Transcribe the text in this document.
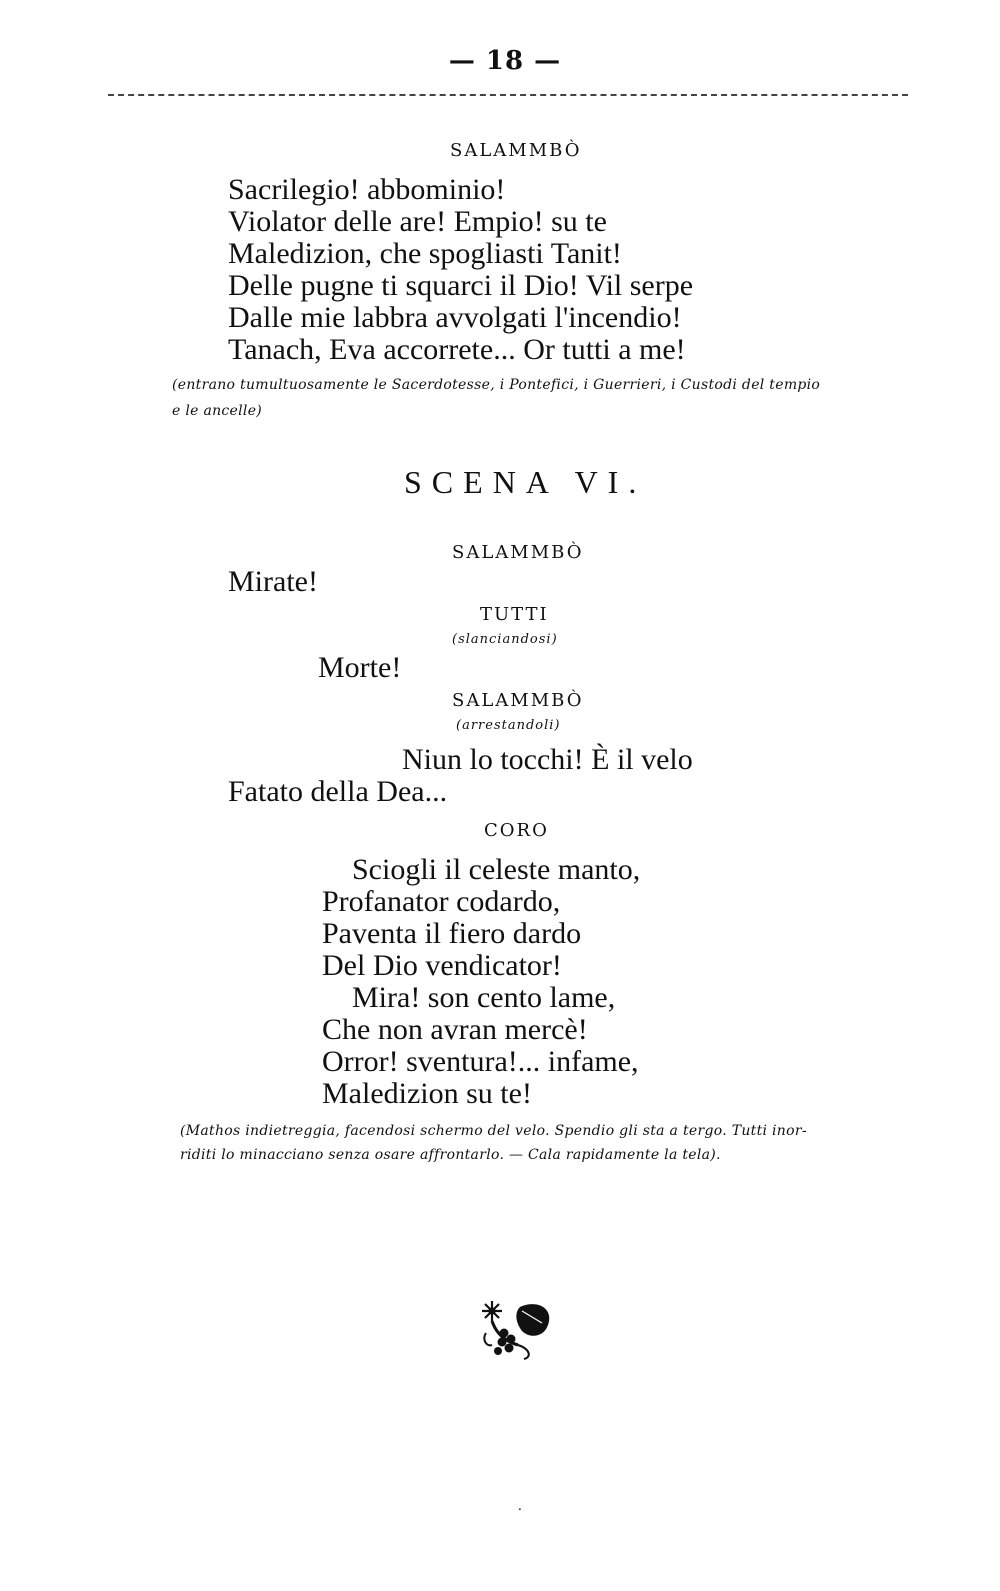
— 18 —
SALAMMBÒ
Sacrilegio! abbominio!
Violator delle are! Empio! su te
Maledizion, che spogliasti Tanit!
Delle pugne ti squarci il Dio! Vil serpe
Dalle mie labbra avvolgati l'incendio!
Tanach, Eva accorrete... Or tutti a me!
(entrano tumultuosamente le Sacerdotesse, i Pontefici, i Guerrieri, i Custodi del tempio
e le ancelle)
SCENA VI.
SALAMMBÒ
Mirate!
TUTTI
(slanciandosi)
Morte!
SALAMMBÒ
(arrestandoli)
Niun lo tocchi! È il velo
Fatato della Dea...
CORO
Sciogli il celeste manto,
Profanator codardo,
Paventa il fiero dardo
Del Dio vendicator!
Mira! son cento lame,
Che non avran mercè!
Orror! sventura!... infame,
Maledizion su te!
(Mathos indietreggia, facendosi schermo del velo. Spendio gli sta a tergo. Tutti inor-
riditi lo minacciano senza osare affrontarlo. — Cala rapidamente la tela).
⸱
